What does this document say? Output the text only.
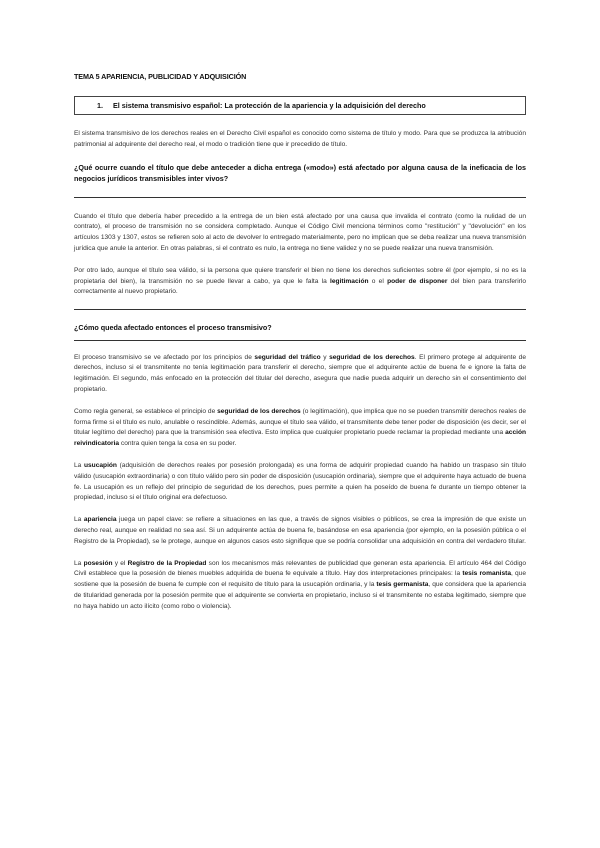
TEMA 5 APARIENCIA, PUBLICIDAD Y ADQUISICIÓN
1.	El sistema transmisivo español: La protección de la apariencia y la adquisición del derecho

El sistema transmisivo de los derechos reales en el Derecho Civil español es conocido como sistema de título y modo. Para que se produzca la atribución patrimonial al adquirente del derecho real, el modo o tradición tiene que ir precedido de título.

¿Qué ocurre cuando el título que debe anteceder a dicha entrega («modo») está afectado por alguna causa de la ineficacia de los negocios jurídicos transmisibles inter vivos?

Cuando el título que debería haber precedido a la entrega de un bien está afectado por una causa que invalida el contrato (como la nulidad de un contrato), el proceso de transmisión no se considera completado. Aunque el Código Civil menciona términos como "restitución" y "devolución" en los artículos 1303 y 1307, estos se refieren solo al acto de devolver lo entregado materialmente, pero no implican que se deba realizar una nueva transmisión jurídica que anule la anterior. En otras palabras, si el contrato es nulo, la entrega no tiene validez y no se puede realizar una nueva transmisión.

Por otro lado, aunque el título sea válido, si la persona que quiere transferir el bien no tiene los derechos suficientes sobre él (por ejemplo, si no es la propietaria del bien), la transmisión no se puede llevar a cabo, ya que le falta la legitimación o el poder de disponer del bien para transferirlo correctamente al nuevo propietario.

¿Cómo queda afectado entonces el proceso transmisivo?

El proceso transmisivo se ve afectado por los principios de seguridad del tráfico y seguridad de los derechos. El primero protege al adquirente de derechos, incluso si el transmitente no tenía legitimación para transferir el derecho, siempre que el adquirente actúe de buena fe e ignore la falta de legitimación. El segundo, más enfocado en la protección del titular del derecho, asegura que nadie pueda adquirir un derecho sin el consentimiento del propietario.

Como regla general, se establece el principio de seguridad de los derechos (o legitimación), que implica que no se pueden transmitir derechos reales de forma firme si el título es nulo, anulable o rescindible. Además, aunque el título sea válido, el transmitente debe tener poder de disposición (es decir, ser el titular legítimo del derecho) para que la transmisión sea efectiva. Esto implica que cualquier propietario puede reclamar la propiedad mediante una acción reivindicatoria contra quien tenga la cosa en su poder.

La usucapión (adquisición de derechos reales por posesión prolongada) es una forma de adquirir propiedad cuando ha habido un traspaso sin título válido (usucapión extraordinaria) o con título válido pero sin poder de disposición (usucapión ordinaria), siempre que el adquirente haya actuado de buena fe. La usucapión es un reflejo del principio de seguridad de los derechos, pues permite a quien ha poseído de buena fe durante un tiempo obtener la propiedad, incluso si el título original era defectuoso.

La apariencia juega un papel clave: se refiere a situaciones en las que, a través de signos visibles o públicos, se crea la impresión de que existe un derecho real, aunque en realidad no sea así. Si un adquirente actúa de buena fe, basándose en esa apariencia (por ejemplo, en la posesión pública o el Registro de la Propiedad), se le protege, aunque en algunos casos esto signifique que se podría consolidar una adquisición en contra del verdadero titular.

La posesión y el Registro de la Propiedad son los mecanismos más relevantes de publicidad que generan esta apariencia. El artículo 464 del Código Civil establece que la posesión de bienes muebles adquirida de buena fe equivale a título. Hay dos interpretaciones principales: la tesis romanista, que sostiene que la posesión de buena fe cumple con el requisito de título para la usucapión ordinaria, y la tesis germanista, que considera que la apariencia de titularidad generada por la posesión permite que el adquirente se convierta en propietario, incluso si el transmitente no estaba legitimado, siempre que no haya habido un acto ilícito (como robo o violencia).
